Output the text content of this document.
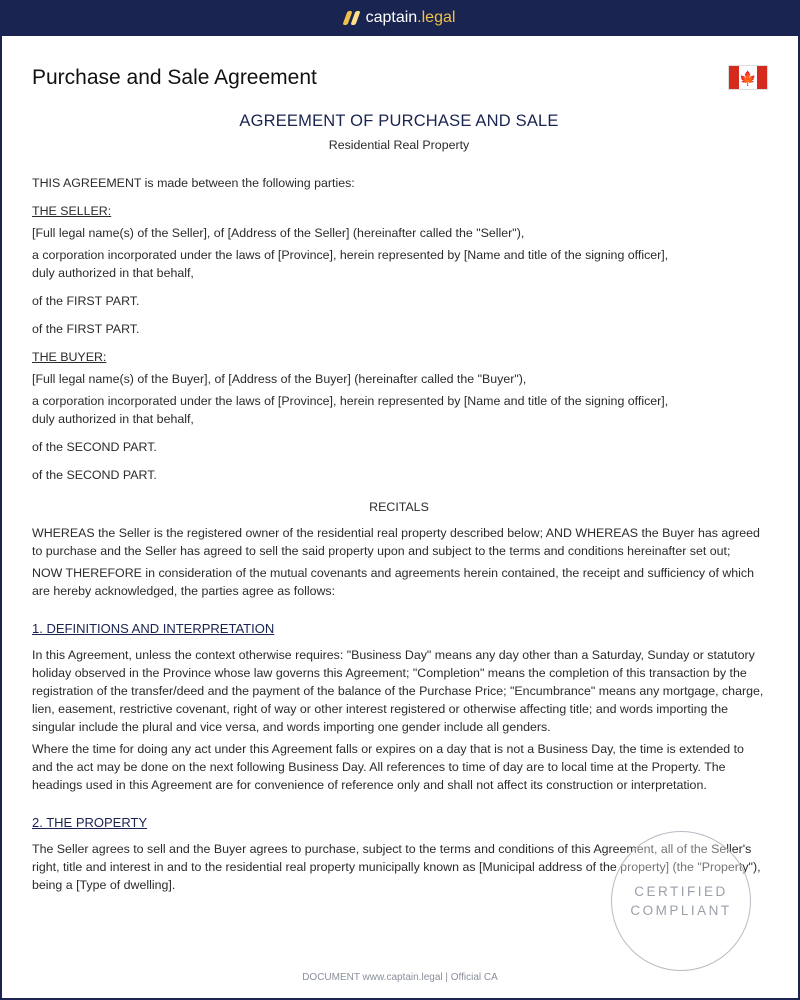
captain.legal
Purchase and Sale Agreement	🍁

AGREEMENT OF PURCHASE AND SALE

Residential Real Property

THIS AGREEMENT is made between the following parties:

THE SELLER:

[Full legal name(s) of the Seller], of [Address of the Seller] (hereinafter called the "Seller"),

a corporation incorporated under the laws of [Province], herein represented by [Name and title of the signing officer], duly authorized in that behalf,

of the FIRST PART.

of the FIRST PART.

THE BUYER:

[Full legal name(s) of the Buyer], of [Address of the Buyer] (hereinafter called the "Buyer"),

a corporation incorporated under the laws of [Province], herein represented by [Name and title of the signing officer], duly authorized in that behalf,

of the SECOND PART.

of the SECOND PART.

RECITALS

WHEREAS the Seller is the registered owner of the residential real property described below; AND WHEREAS the Buyer has agreed to purchase and the Seller has agreed to sell the said property upon and subject to the terms and conditions hereinafter set out;

NOW THEREFORE in consideration of the mutual covenants and agreements herein contained, the receipt and sufficiency of which are hereby acknowledged, the parties agree as follows:

1. DEFINITIONS AND INTERPRETATION

In this Agreement, unless the context otherwise requires: "Business Day" means any day other than a Saturday, Sunday or statutory holiday observed in the Province whose law governs this Agreement; "Completion" means the completion of this transaction by the registration of the transfer/deed and the payment of the balance of the Purchase Price; "Encumbrance" means any mortgage, charge, lien, easement, restrictive covenant, right of way or other interest registered or otherwise affecting title; and words importing the singular include the plural and vice versa, and words importing one gender include all genders.

Where the time for doing any act under this Agreement falls or expires on a day that is not a Business Day, the time is extended to and the act may be done on the next following Business Day. All references to time of day are to local time at the Property. The headings used in this Agreement are for convenience of reference only and shall not affect its construction or interpretation.

2. THE PROPERTY

The Seller agrees to sell and the Buyer agrees to purchase, subject to the terms and conditions of this Agreement, all of the Seller's right, title and interest in and to the residential real property municipally known as [Municipal address of the property] (the "Property"), being a [Type of dwelling].	CERTIFIED
COMPLIANT
DOCUMENT www.captain.legal | Official CA
